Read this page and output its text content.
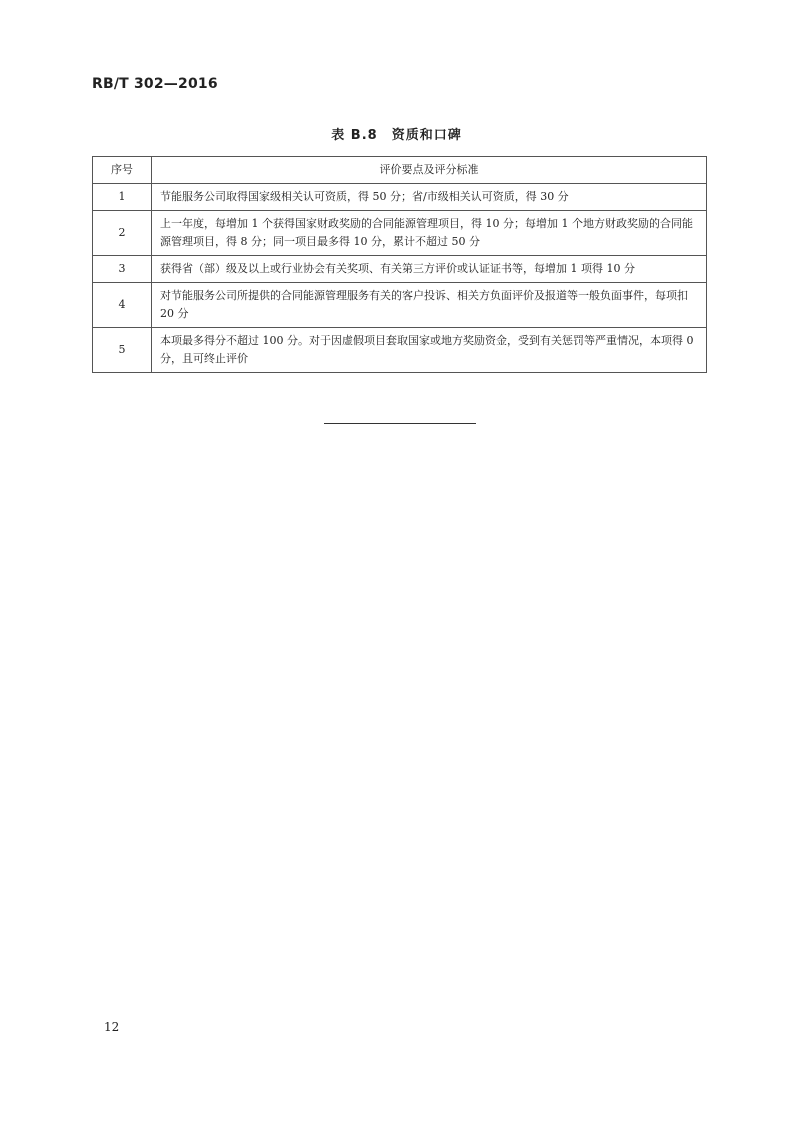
RB/T 302—2016
表 B.8　资质和口碑
序号	评价要点及评分标准
1	节能服务公司取得国家级相关认可资质，得 50 分；省/市级相关认可资质，得 30 分
2	上一年度，每增加 1 个获得国家财政奖励的合同能源管理项目，得 10 分；每增加 1 个地方财政奖励的合同能源管理项目，得 8 分；同一项目最多得 10 分，累计不超过 50 分
3	获得省（部）级及以上或行业协会有关奖项、有关第三方评价或认证证书等，每增加 1 项得 10 分
4	对节能服务公司所提供的合同能源管理服务有关的客户投诉、相关方负面评价及报道等一般负面事件，每项扣 20 分
5	本项最多得分不超过 100 分。对于因虚假项目套取国家或地方奖励资金，受到有关惩罚等严重情况，本项得 0 分，且可终止评价
12
